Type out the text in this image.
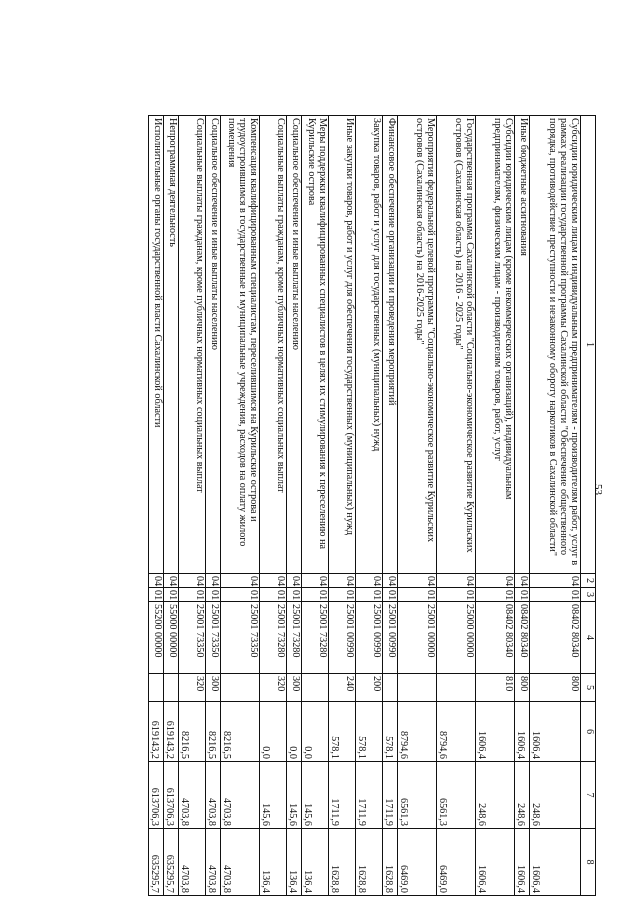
53
1	2	3	4	5	6	7	8
Субсидии юридическим лицам и индивидуальным предпринимателям - производителям работ, услуг в рамках реализации государственной программы Сахалинской области "Обеспечение общественного порядка, противодействие преступности и незаконному обороту наркотиков в Сахалинской области"	04	01	08402 80340	800	1606,4	248,6	1606,4
Иные бюджетные ассигнования	04	01	08402 80340	800	1606,4	248,6	1606,4
Субсидии юридическим лицам (кроме некоммерческих организаций), индивидуальным предпринимателям, физическим лицам - производителям товаров, работ, услуг	04	01	08402 80340	810	1606,4	248,6	1606,4
Государственная программа Сахалинской области "Социально-экономическое развитие Курильских островов (Сахалинская область) на 2016 - 2025 годы"	04	01	25000 00000		8794,6	6561,3	6469,0
Мероприятия федеральной целевой программы "Социально-экономическое развитие Курильских островов (Сахалинская область) на 2016-2025 годы"	04	01	25001 00000		8794,6	6561,3	6469,0
Финансовое обеспечение организации и проведения мероприятий	04	01	25001 00990		578,1	1711,9	1628,8
Закупка товаров, работ и услуг для государственных (муниципальных) нужд	04	01	25001 00990	200	578,1	1711,9	1628,8
Иные закупки товаров, работ и услуг для обеспечения государственных (муниципальных) нужд	04	01	25001 00990	240	578,1	1711,9	1628,8
Меры поддержки квалифицированных специалистов в целях их стимулирования к переселению на Курильские острова	04	01	25001 73280		0,0	145,6	136,4
Социальное обеспечение и иные выплаты населению	04	01	25001 73280	300	0,0	145,6	136,4
Социальные выплаты гражданам, кроме публичных нормативных социальных выплат	04	01	25001 73280	320	0,0	145,6	136,4
Компенсация квалифицированным специалистам, переселившимся на Курильские острова и трудоустроившимся в государственные и муниципальные учреждения, расходов на оплату жилого помещения	04	01	25001 73350		8216,5	4703,8	4703,8
Социальное обеспечение и иные выплаты населению	04	01	25001 73350	300	8216,5	4703,8	4703,8
Социальные выплаты гражданам, кроме публичных нормативных социальных выплат	04	01	25001 73350	320	8216,5	4703,8	4703,8
Непрограммная деятельность	04	01	55000 00000		619143,2	613706,3	635295,7
Исполнительные органы государственной власти Сахалинской области	04	01	55200 00000		619143,2	613706,3	635295,7
